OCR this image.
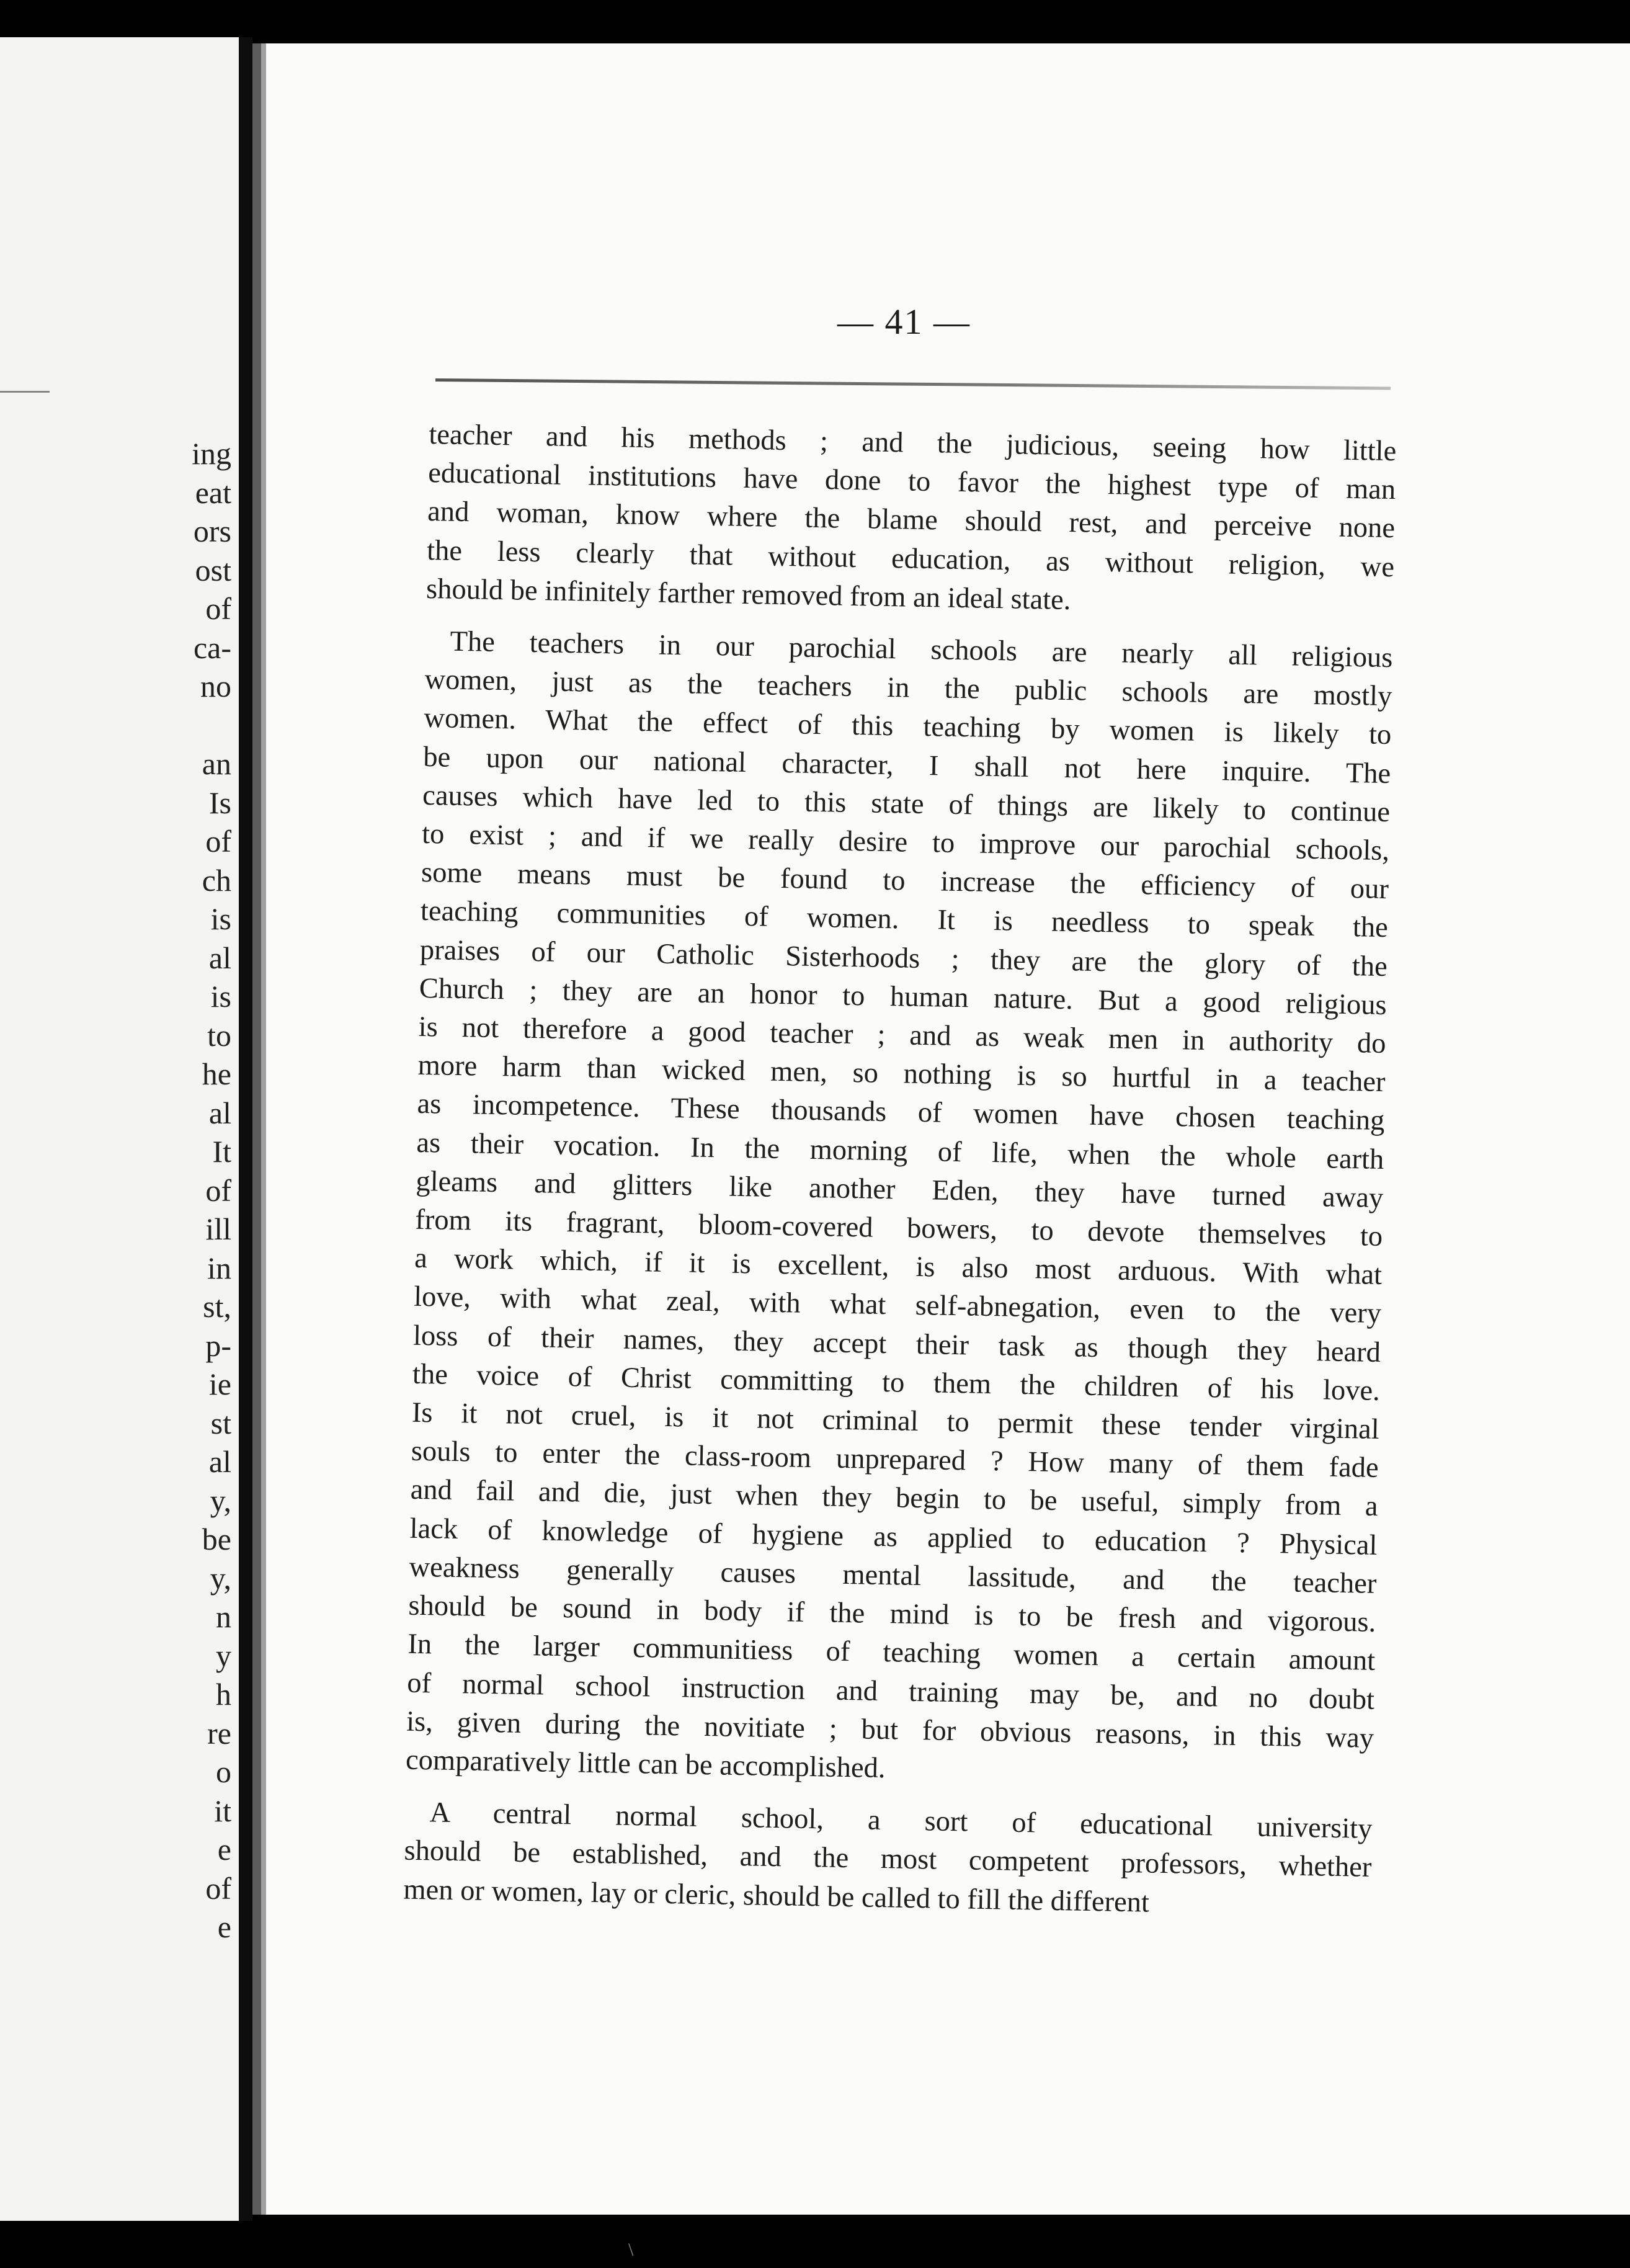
ing
eat
ors
ost
of
ca-
no

an
Is
of
ch
is
al
is
to
he
al
It
of
ill
in
st,
p-
ie
st
al
y,
be
y,
n
y
h
re
o
it
e
of
e
— 41 —

teacher and his methods ; and the judicious, seeing how little
educational institutions have done to favor the highest type of man
and woman, know where the blame should rest, and perceive none
the less clearly that without education, as without religion, we
should be infinitely farther removed from an ideal state.

The teachers in our parochial schools are nearly all religious
women, just as the teachers in the public schools are mostly
women. What the effect of this teaching by women is likely to
be upon our national character, I shall not here inquire. The
causes which have led to this state of things are likely to continue
to exist ; and if we really desire to improve our parochial schools,
some means must be found to increase the efficiency of our
teaching communities of women. It is needless to speak the
praises of our Catholic Sisterhoods ; they are the glory of the
Church ; they are an honor to human nature. But a good religious
is not therefore a good teacher ; and as weak men in authority do
more harm than wicked men, so nothing is so hurtful in a teacher
as incompetence. These thousands of women have chosen teaching
as their vocation. In the morning of life, when the whole earth
gleams and glitters like another Eden, they have turned away
from its fragrant, bloom-covered bowers, to devote themselves to
a work which, if it is excellent, is also most arduous. With what
love, with what zeal, with what self-abnegation, even to the very
loss of their names, they accept their task as though they heard
the voice of Christ committing to them the children of his love.
Is it not cruel, is it not criminal to permit these tender virginal
souls to enter the class-room unprepared ? How many of them fade
and fail and die, just when they begin to be useful, simply from a
lack of knowledge of hygiene as applied to education ? Physical
weakness generally causes mental lassitude, and the teacher
should be sound in body if the mind is to be fresh and vigorous.
In the larger communitiess of teaching women a certain amount
of normal school instruction and training may be, and no doubt
is, given during the novitiate ; but for obvious reasons, in this way
comparatively little can be accomplished.

A central normal school, a sort of educational university
should be established, and the most competent professors, whether
men or women, lay or cleric, should be called to fill the different

\
